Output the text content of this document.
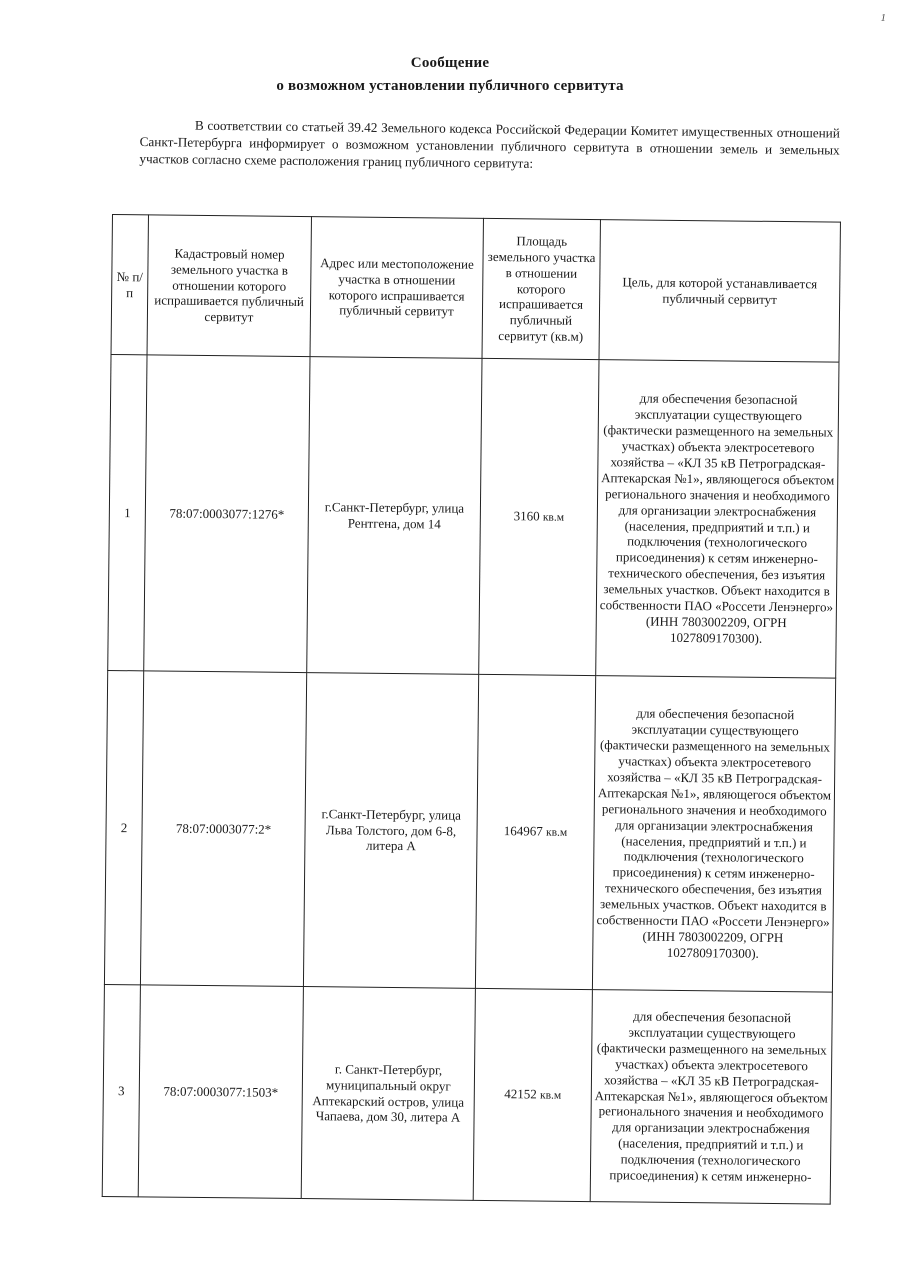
1
Сообщение
о возможном установлении публичного сервитута
В соответствии со статьей 39.42 Земельного кодекса Российской Федерации Комитет имущественных отношений Санкт-Петербурга информирует о возможном установлении публичного сервитута в отношении земель и земельных участков согласно схеме расположения границ публичного сервитута:
№ п/п	Кадастровый номер земельного участка в отношении которого испрашивается публичный сервитут	Адрес или местоположение участка в отношении которого испрашивается публичный сервитут	Площадь земельного участка в отношении которого испрашивается публичный сервитут (кв.м)	Цель, для которой устанавливается публичный сервитут
1	78:07:0003077:1276*	г.Санкт-Петербург, улица Рентгена, дом 14	3160 кв.м	для обеспечения безопасной эксплуатации существующего (фактически размещенного на земельных участках) объекта электросетевого хозяйства – «КЛ 35 кВ Петроградская-Аптекарская №1», являющегося объектом регионального значения и необходимого для организации электроснабжения (населения, предприятий и т.п.) и подключения (технологического присоединения) к сетям инженерно-технического обеспечения, без изъятия земельных участков. Объект находится в собственности ПАО «Россети Ленэнерго» (ИНН 7803002209, ОГРН 1027809170300).
2	78:07:0003077:2*	г.Санкт-Петербург, улица Льва Толстого, дом 6-8, литера А	164967 кв.м	для обеспечения безопасной эксплуатации существующего (фактически размещенного на земельных участках) объекта электросетевого хозяйства – «КЛ 35 кВ Петроградская-Аптекарская №1», являющегося объектом регионального значения и необходимого для организации электроснабжения (населения, предприятий и т.п.) и подключения (технологического присоединения) к сетям инженерно-технического обеспечения, без изъятия земельных участков. Объект находится в собственности ПАО «Россети Ленэнерго» (ИНН 7803002209, ОГРН 1027809170300).
3	78:07:0003077:1503*	г. Санкт-Петербург, муниципальный округ Аптекарский остров, улица Чапаева, дом 30, литера А	42152 кв.м	для обеспечения безопасной эксплуатации существующего (фактически размещенного на земельных участках) объекта электросетевого хозяйства – «КЛ 35 кВ Петроградская-Аптекарская №1», являющегося объектом регионального значения и необходимого для организации электроснабжения (населения, предприятий и т.п.) и подключения (технологического присоединения) к сетям инженерно-
